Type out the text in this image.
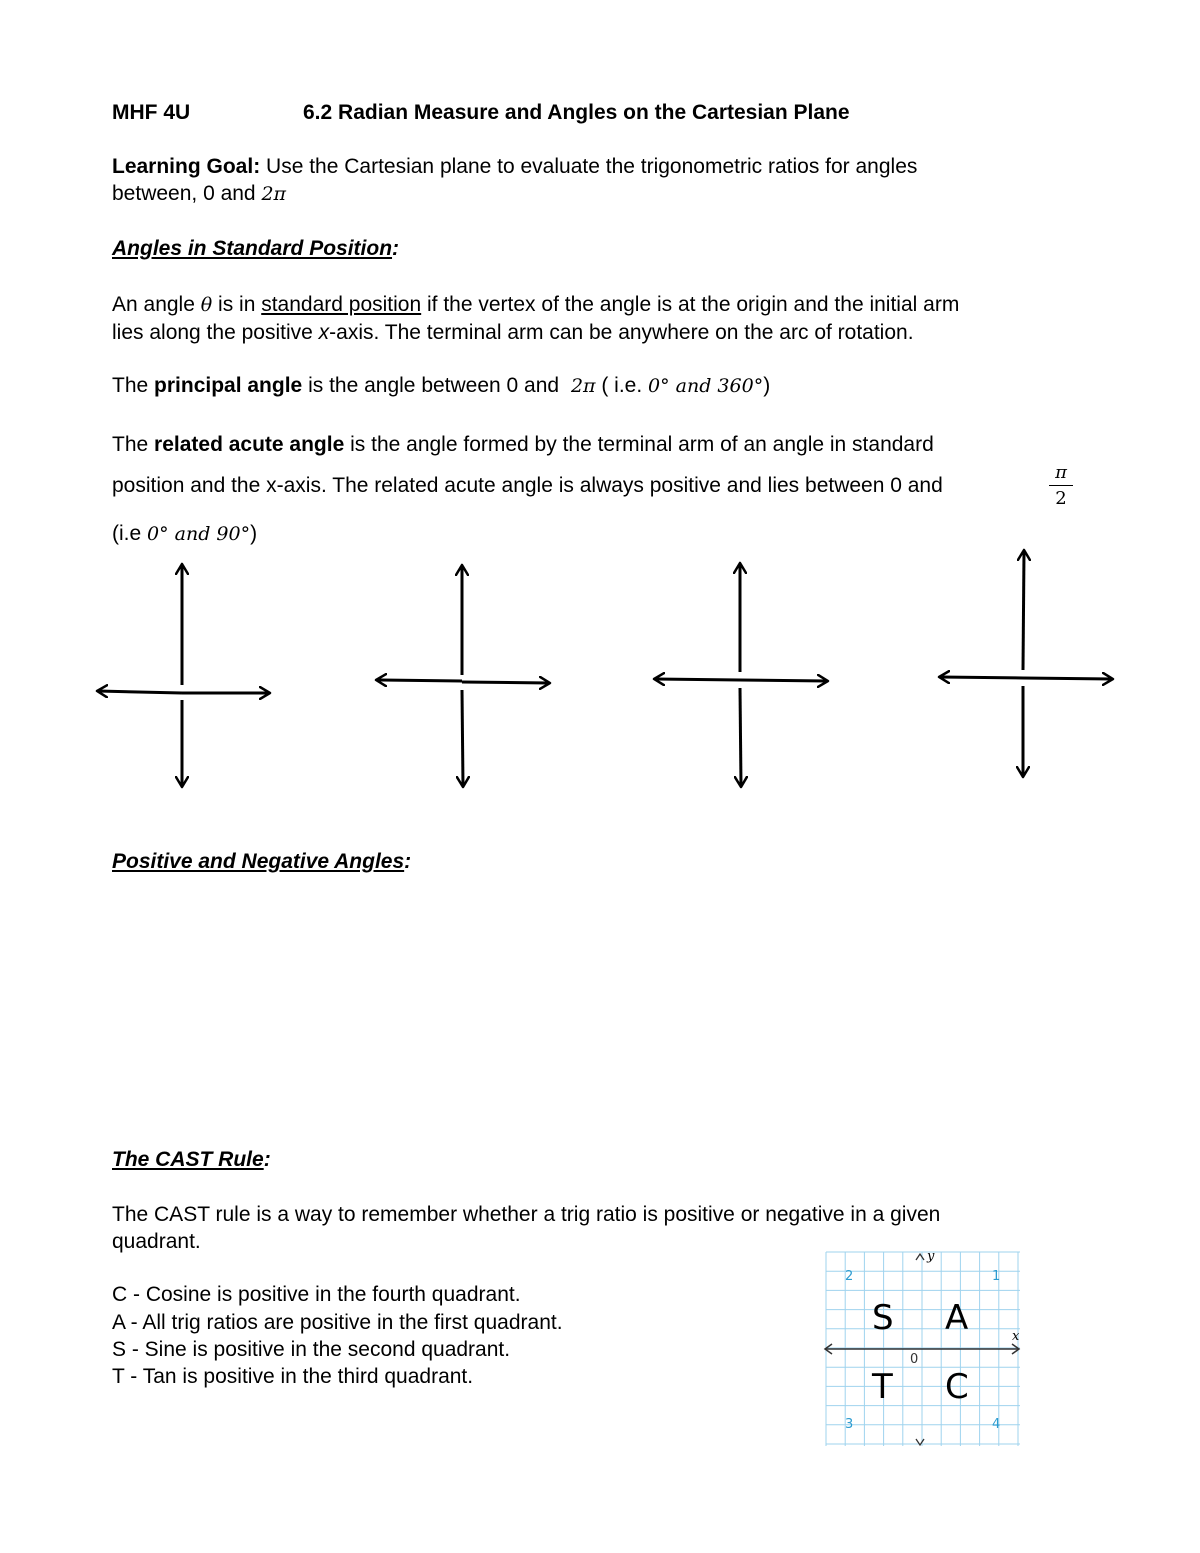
MHF 4U	6.2 Radian Measure and Angles on the Cartesian Plane
Learning Goal: Use the Cartesian plane to evaluate the trigonometric ratios for angles
between, 0 and 2π
Angles in Standard Position:
An angle θ is in standard position if the vertex of the angle is at the origin and the initial arm
lies along the positive x-axis. The terminal arm can be anywhere on the arc of rotation.
The principal angle is the angle between 0 and 2π ( i.e. 0° and 360°)
The related acute angle is the angle formed by the terminal arm of an angle in standard
position and the x-axis. The related acute angle is always positive and lies between 0 and	$\frac{\pi}{2}$
(i.e 0° and 90°)
Positive and Negative Angles:
The CAST Rule:
The CAST rule is a way to remember whether a trig ratio is positive or negative in a given
quadrant.
C - Cosine is positive in the fourth quadrant.
A - All trig ratios are positive in the first quadrant.
S - Sine is positive in the second quadrant.
T - Tan is positive in the third quadrant.
S A
T C
2	1
3	4
y
x
0
